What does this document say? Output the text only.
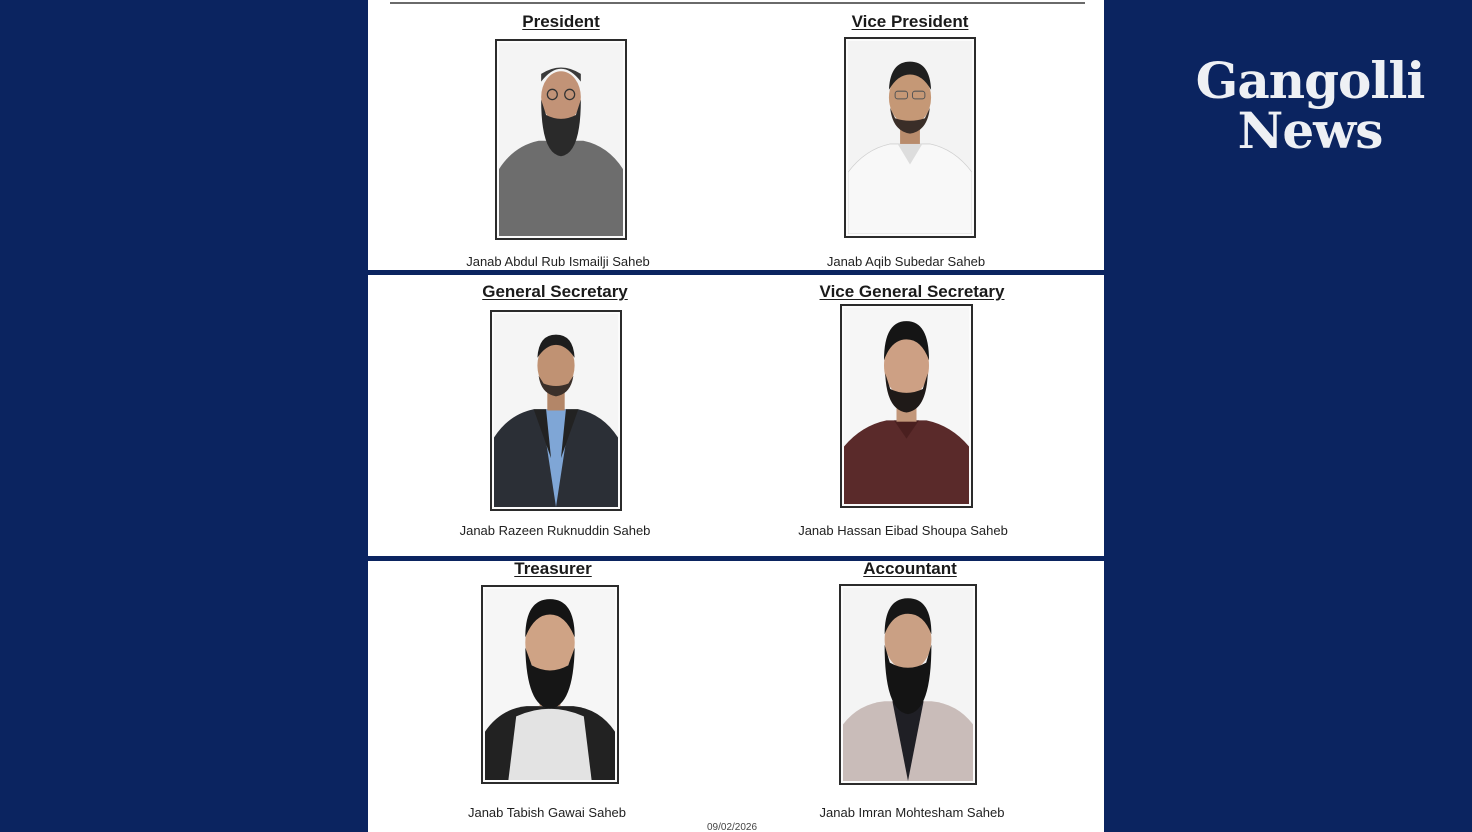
Gangolli
News
President
Janab Abdul Rub Ismailji Saheb
Vice President
Janab Aqib Subedar Saheb
General Secretary
Janab Razeen Ruknuddin Saheb
Vice General Secretary
Janab Hassan Eibad Shoupa Saheb
Treasurer
Janab Tabish Gawai Saheb
Accountant
Janab Imran Mohtesham Saheb
09/02/2026
